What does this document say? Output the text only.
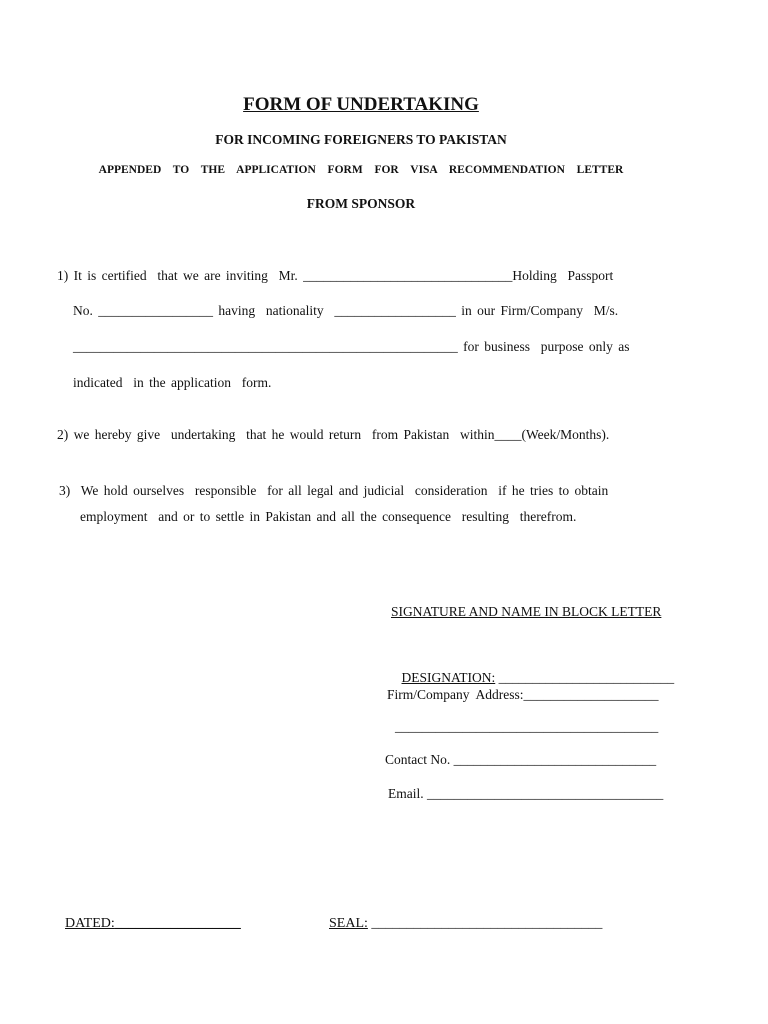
FORM OF UNDERTAKING
FOR INCOMING FOREIGNERS TO PAKISTAN
APPENDED  TO  THE  APPLICATION  FORM  FOR  VISA  RECOMMENDATION  LETTER
FROM SPONSOR
1) It is certified  that we are inviting  Mr. _______________________________Holding  Passport
No. _________________ having  nationality  __________________ in our Firm/Company  M/s.
_________________________________________________________ for business  purpose only as
indicated  in the application  form.
2) we hereby give  undertaking  that he would return  from Pakistan  within____(Week/Months).
3)  We hold ourselves  responsible  for all legal and judicial  consideration  if he tries to obtain
employment  and or to settle in Pakistan and all the consequence  resulting  therefrom.
SIGNATURE AND NAME IN BLOCK LETTER

DESIGNATION: __________________________

Firm/Company  Address:____________________
_______________________________________
Contact No. ______________________________
Email. ___________________________________

DATED:__________________
	SEAL: _________________________________
